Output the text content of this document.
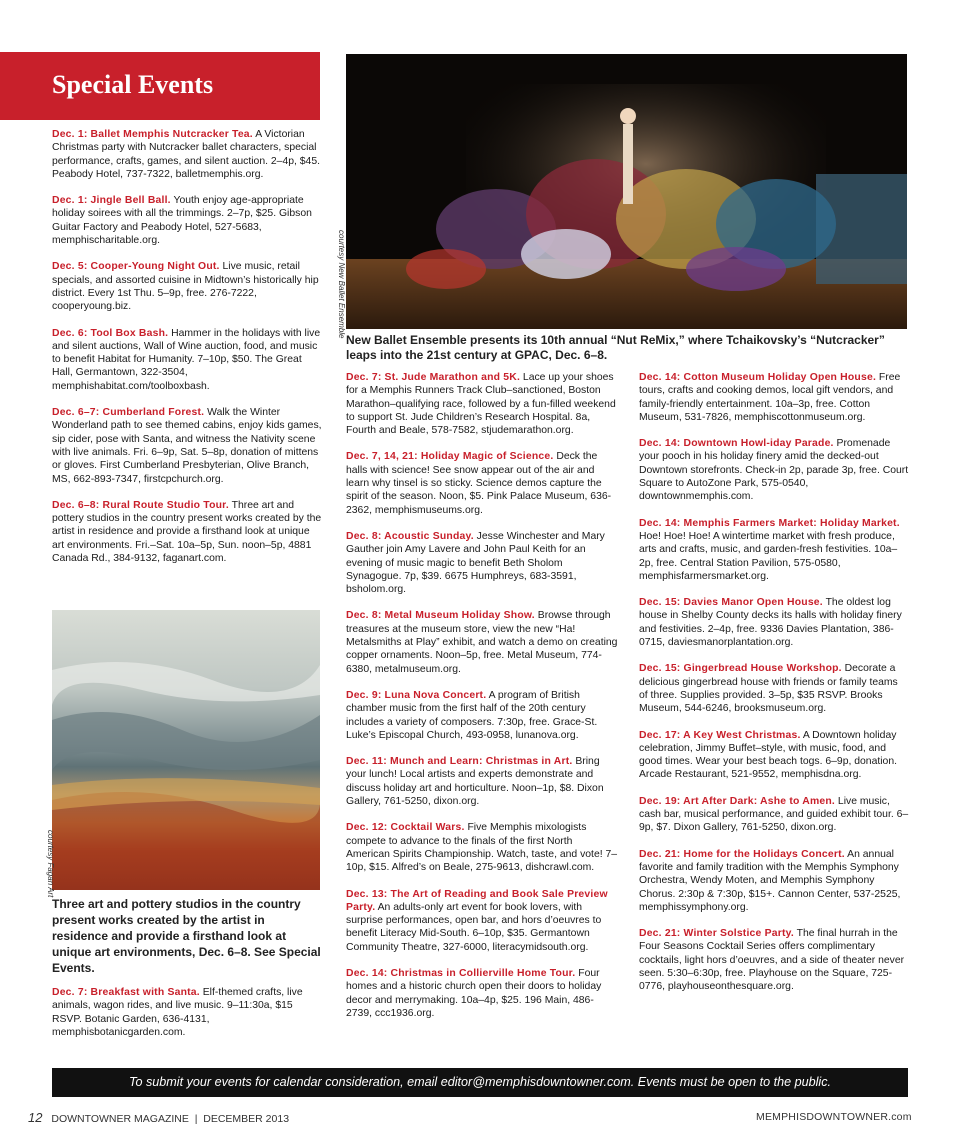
Special Events
courtesy New Ballet Ensemble
New Ballet Ensemble presents its 10th annual “Nut ReMix,” where Tchaikovsky’s “Nutcracker” leaps into the 21st century at GPAC, Dec. 6–8.

Dec. 1: Ballet Memphis Nutcracker Tea. A Victorian Christmas party with Nutcracker ballet characters, special performance, crafts, games, and silent auction. 2–4p, $45. Peabody Hotel, 737-7322, balletmemphis.org.

Dec. 1: Jingle Bell Ball. Youth enjoy age-appropriate holiday soirees with all the trimmings. 2–7p, $25. Gibson Guitar Factory and Peabody Hotel, 527-5683, memphischaritable.org.

Dec. 5: Cooper-Young Night Out. Live music, retail specials, and assorted cuisine in Midtown’s historically hip district. Every 1st Thu. 5–9p, free. 276-7222, cooperyoung.biz.

Dec. 6: Tool Box Bash. Hammer in the holidays with live and silent auctions, Wall of Wine auction, food, and music to benefit Habitat for Humanity. 7–10p, $50. The Great Hall, Germantown, 322-3504, memphishabitat.com/toolboxbash.

Dec. 6–7: Cumberland Forest. Walk the Winter Wonderland path to see themed cabins, enjoy kids games, sip cider, pose with Santa, and witness the Nativity scene with live animals. Fri. 6–9p, Sat. 5–8p, donation of mittens or gloves. First Cumberland Presbyterian, Olive Branch, MS, 662-893-7347, firstcpchurch.org.

Dec. 6–8: Rural Route Studio Tour. Three art and pottery studios in the country present works created by the artist in residence and provide a firsthand look at unique art environments. Fri.–Sat. 10a–5p, Sun. noon–5p, 4881 Canada Rd., 384-9132, faganart.com.

courtesy Fagan Art
Three art and pottery studios in the country present works created by the artist in residence and provide a firsthand look at unique art environments, Dec. 6–8. See Special Events.

Dec. 7: Breakfast with Santa. Elf-themed crafts, live animals, wagon rides, and live music. 9–11:30a, $15 RSVP. Botanic Garden, 636-4131, memphisbotanicgarden.com.

Dec. 7: St. Jude Marathon and 5K. Lace up your shoes for a Memphis Runners Track Club–sanctioned, Boston Marathon–qualifying race, followed by a fun-filled weekend to support St. Jude Children’s Research Hospital. 8a, Fourth and Beale, 578-7582, stjudemarathon.org.

Dec. 7, 14, 21: Holiday Magic of Science. Deck the halls with science! See snow appear out of the air and learn why tinsel is so sticky. Science demos capture the spirit of the season. Noon, $5. Pink Palace Museum, 636-2362, memphismuseums.org.

Dec. 8: Acoustic Sunday. Jesse Winchester and Mary Gauther join Amy Lavere and John Paul Keith for an evening of music magic to benefit Beth Sholom Synagogue. 7p, $39. 6675 Humphreys, 683-3591, bsholom.org.

Dec. 8: Metal Museum Holiday Show. Browse through treasures at the museum store, view the new “Ha! Metalsmiths at Play” exhibit, and watch a demo on creating copper ornaments. Noon–5p, free. Metal Museum, 774-6380, metalmuseum.org.

Dec. 9: Luna Nova Concert. A program of British chamber music from the first half of the 20th century includes a variety of composers. 7:30p, free. Grace-St. Luke’s Episcopal Church, 493-0958, lunanova.org.

Dec. 11: Munch and Learn: Christmas in Art. Bring your lunch! Local artists and experts demonstrate and discuss holiday art and horticulture. Noon–1p, $8. Dixon Gallery, 761-5250, dixon.org.

Dec. 12: Cocktail Wars. Five Memphis mixologists compete to advance to the finals of the first North American Spirits Championship. Watch, taste, and vote! 7–10p, $15. Alfred’s on Beale, 275-9613, dishcrawl.com.

Dec. 13: The Art of Reading and Book Sale Preview Party. An adults-only art event for book lovers, with surprise performances, open bar, and hors d’oeuvres to benefit Literacy Mid-South. 6–10p, $35. Germantown Community Theatre, 327-6000, literacymidsouth.org.

Dec. 14: Christmas in Collierville Home Tour. Four homes and a historic church open their doors to holiday decor and merrymaking. 10a–4p, $25. 196 Main, 486-2739, ccc1936.org.

Dec. 14: Cotton Museum Holiday Open House. Free tours, crafts and cooking demos, local gift vendors, and family-friendly entertainment. 10a–3p, free. Cotton Museum, 531-7826, memphiscottonmuseum.org.

Dec. 14: Downtown Howl-iday Parade. Promenade your pooch in his holiday finery amid the decked-out Downtown storefronts. Check-in 2p, parade 3p, free. Court Square to AutoZone Park, 575-0540, downtownmemphis.com.

Dec. 14: Memphis Farmers Market: Holiday Market. Hoe! Hoe! Hoe! A wintertime market with fresh produce, arts and crafts, music, and garden-fresh festivities. 10a–2p, free. Central Station Pavilion, 575-0580, memphisfarmersmarket.org.

Dec. 15: Davies Manor Open House. The oldest log house in Shelby County decks its halls with holiday finery and festivities. 2–4p, free. 9336 Davies Plantation, 386-0715, daviesmanorplantation.org.

Dec. 15: Gingerbread House Workshop. Decorate a delicious gingerbread house with friends or family teams of three. Supplies provided. 3–5p, $35 RSVP. Brooks Museum, 544-6246, brooksmuseum.org.

Dec. 17: A Key West Christmas. A Downtown holiday celebration, Jimmy Buffet–style, with music, food, and good times. Wear your best beach togs. 6–9p, donation. Arcade Restaurant, 521-9552, memphisdna.org.

Dec. 19: Art After Dark: Ashe to Amen. Live music, cash bar, musical performance, and guided exhibit tour. 6–9p, $7. Dixon Gallery, 761-5250, dixon.org.

Dec. 21: Home for the Holidays Concert. An annual favorite and family tradition with the Memphis Symphony Orchestra, Wendy Moten, and Memphis Symphony Chorus. 2:30p & 7:30p, $15+. Cannon Center, 537-2525, memphissymphony.org.

Dec. 21: Winter Solstice Party. The final hurrah in the Four Seasons Cocktail Series offers complimentary cocktails, light hors d’oeuvres, and a side of theater never seen. 5:30–6:30p, free. Playhouse on the Square, 725-0776, playhouseonthesquare.org.

To submit your events for calendar consideration, email editor@memphisdowntowner.com. Events must be open to the public.
12 DOWNTOWNER MAGAZINE  |  DECEMBER 2013	MEMPHISDOWNTOWNER.com
